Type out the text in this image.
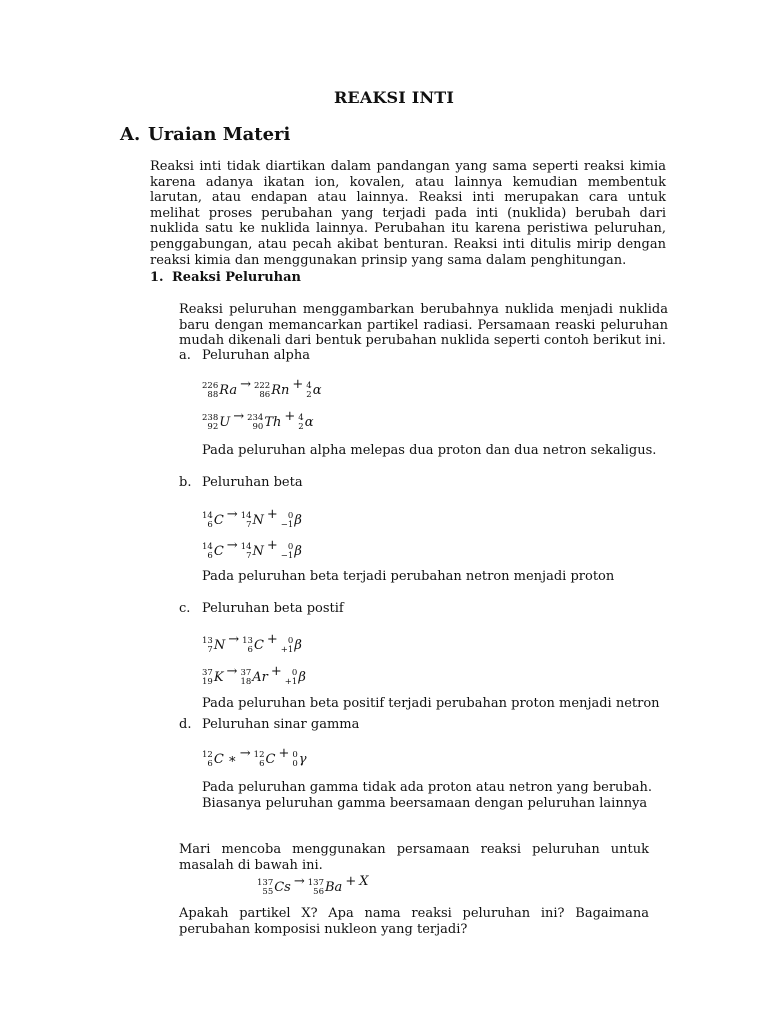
REAKSI INTI
A. Uraian Materi
Reaksi inti tidak diartikan dalam pandangan yang sama seperti reaksi kimia karena adanya ikatan ion, kovalen, atau lainnya kemudian membentuk larutan, atau endapan atau lainnya. Reaksi inti merupakan cara untuk melihat proses perubahan yang terjadi pada inti (nuklida) berubah dari nuklida satu ke nuklida lainnya. Perubahan itu karena peristiwa peluruhan, penggabungan, atau pecah akibat benturan. Reaksi inti ditulis mirip dengan reaksi kimia dan menggunakan prinsip yang sama dalam penghitungan.
1. Reaksi Peluruhan
Reaksi peluruhan menggambarkan berubahnya nuklida menjadi nuklida baru dengan memancarkan partikel radiasi. Persamaan reaski peluruhan mudah dikenali dari bentuk perubahan nuklida seperti contoh berikut ini.
a. Peluruhan alpha
226
88 Ra → 222
86 Rn + 4
2 α
238
92 U → 234
90 Th + 4
2 α
Pada peluruhan alpha melepas dua proton dan dua netron sekaligus.
b. Peluruhan beta
14
6 C → 14
7 N +	0
−1 β
14
6 C → 14
7 N +	0
−1 β
Pada peluruhan beta terjadi perubahan netron menjadi proton
c. Peluruhan beta postif
13
7 N → 13
6 C +	0
+1 β
37
19 K → 37
18 Ar +	0
+1 β
Pada peluruhan beta positif terjadi perubahan proton menjadi netron
d. Peluruhan sinar gamma
12
6 C ∗ → 12
6 C + 0
0 γ
Pada peluruhan gamma tidak ada proton atau netron yang berubah. Biasanya peluruhan gamma beersamaan dengan peluruhan lainnya
Mari mencoba menggunakan persamaan reaksi peluruhan untuk masalah di bawah ini.
137
55 Cs → 137
56 Ba + X
Apakah partikel X? Apa nama reaksi peluruhan ini? Bagaimana perubahan komposisi nukleon yang terjadi?
